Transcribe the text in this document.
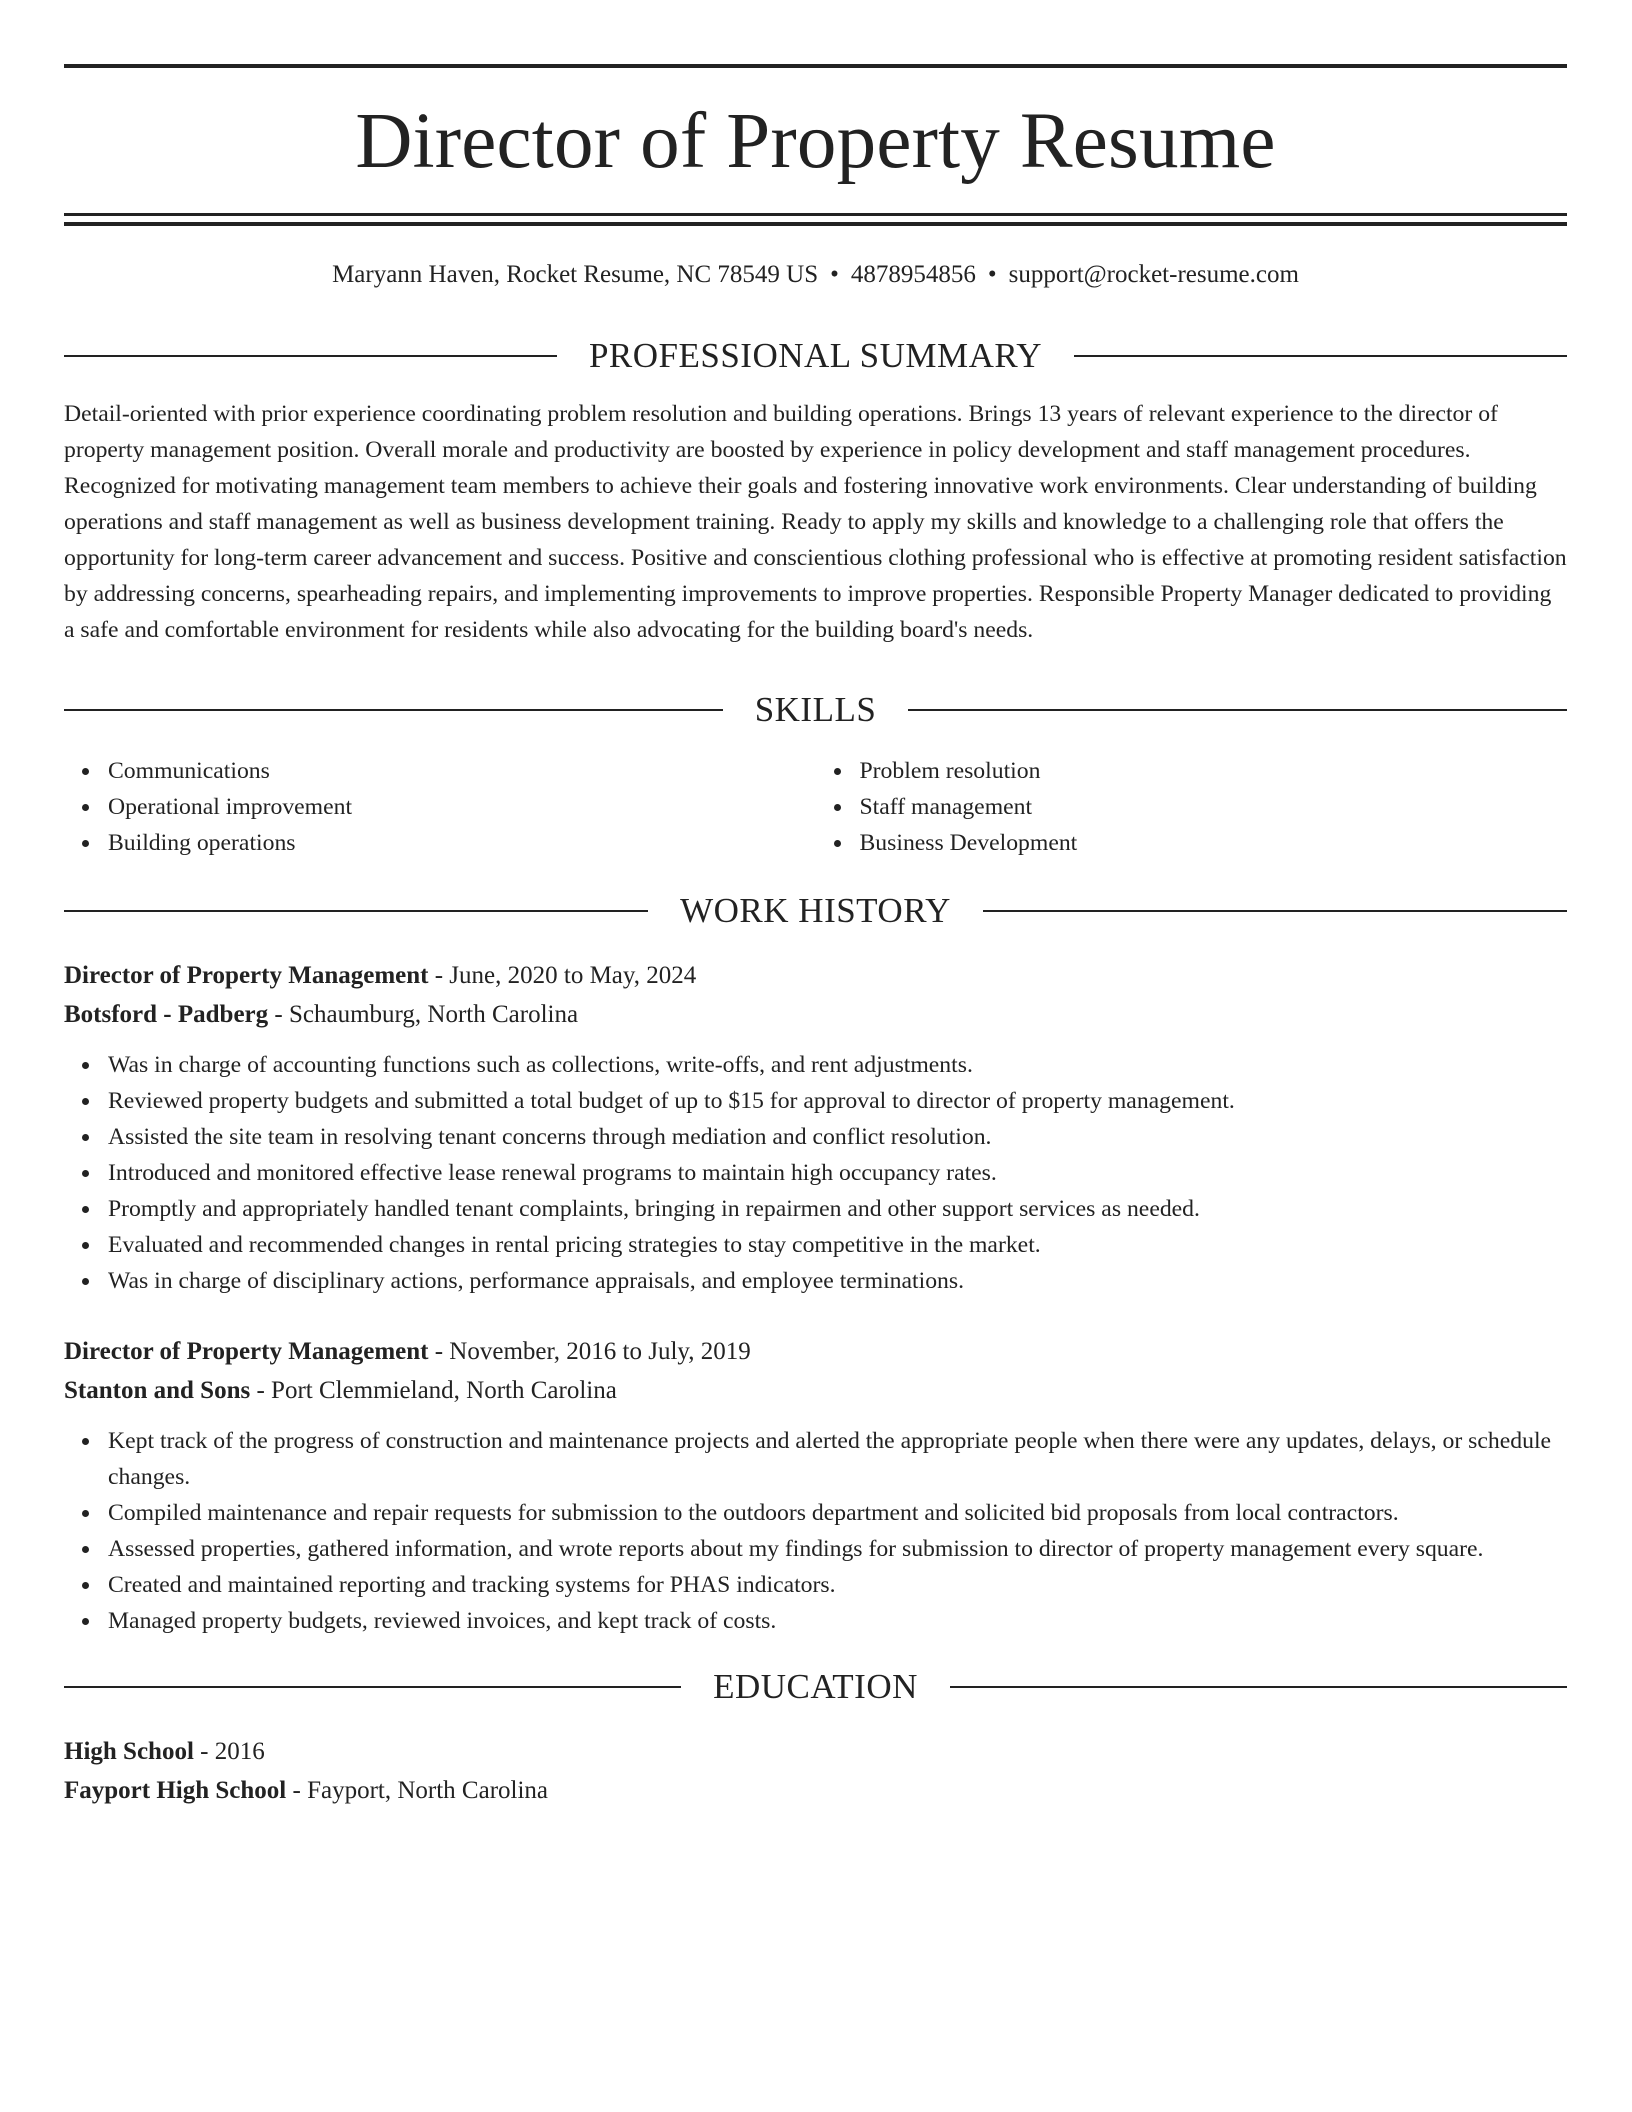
Director of Property Resume
Maryann Haven, Rocket Resume, NC 78549 US • 4878954856 • support@rocket-resume.com
PROFESSIONAL SUMMARY

Detail-oriented with prior experience coordinating problem resolution and building operations. Brings 13 years of relevant experience to the director of property management position. Overall morale and productivity are boosted by experience in policy development and staff management procedures. Recognized for motivating management team members to achieve their goals and fostering innovative work environments. Clear understanding of building operations and staff management as well as business development training. Ready to apply my skills and knowledge to a challenging role that offers the opportunity for long-term career advancement and success. Positive and conscientious clothing professional who is effective at promoting resident satisfaction by addressing concerns, spearheading repairs, and implementing improvements to improve properties. Responsible Property Manager dedicated to providing a safe and comfortable environment for residents while also advocating for the building board's needs.

SKILLS
Communications
Operational improvement
Building operations
Problem resolution
Staff management
Business Development
WORK HISTORY
Director of Property Management - June, 2020 to May, 2024
Botsford - Padberg - Schaumburg, North Carolina
Was in charge of accounting functions such as collections, write-offs, and rent adjustments.
Reviewed property budgets and submitted a total budget of up to $15 for approval to director of property management.
Assisted the site team in resolving tenant concerns through mediation and conflict resolution.
Introduced and monitored effective lease renewal programs to maintain high occupancy rates.
Promptly and appropriately handled tenant complaints, bringing in repairmen and other support services as needed.
Evaluated and recommended changes in rental pricing strategies to stay competitive in the market.
Was in charge of disciplinary actions, performance appraisals, and employee terminations.
Director of Property Management - November, 2016 to July, 2019
Stanton and Sons - Port Clemmieland, North Carolina
Kept track of the progress of construction and maintenance projects and alerted the appropriate people when there were any updates, delays, or schedule changes.
Compiled maintenance and repair requests for submission to the outdoors department and solicited bid proposals from local contractors.
Assessed properties, gathered information, and wrote reports about my findings for submission to director of property management every square.
Created and maintained reporting and tracking systems for PHAS indicators.
Managed property budgets, reviewed invoices, and kept track of costs.
EDUCATION
High School - 2016
Fayport High School - Fayport, North Carolina
